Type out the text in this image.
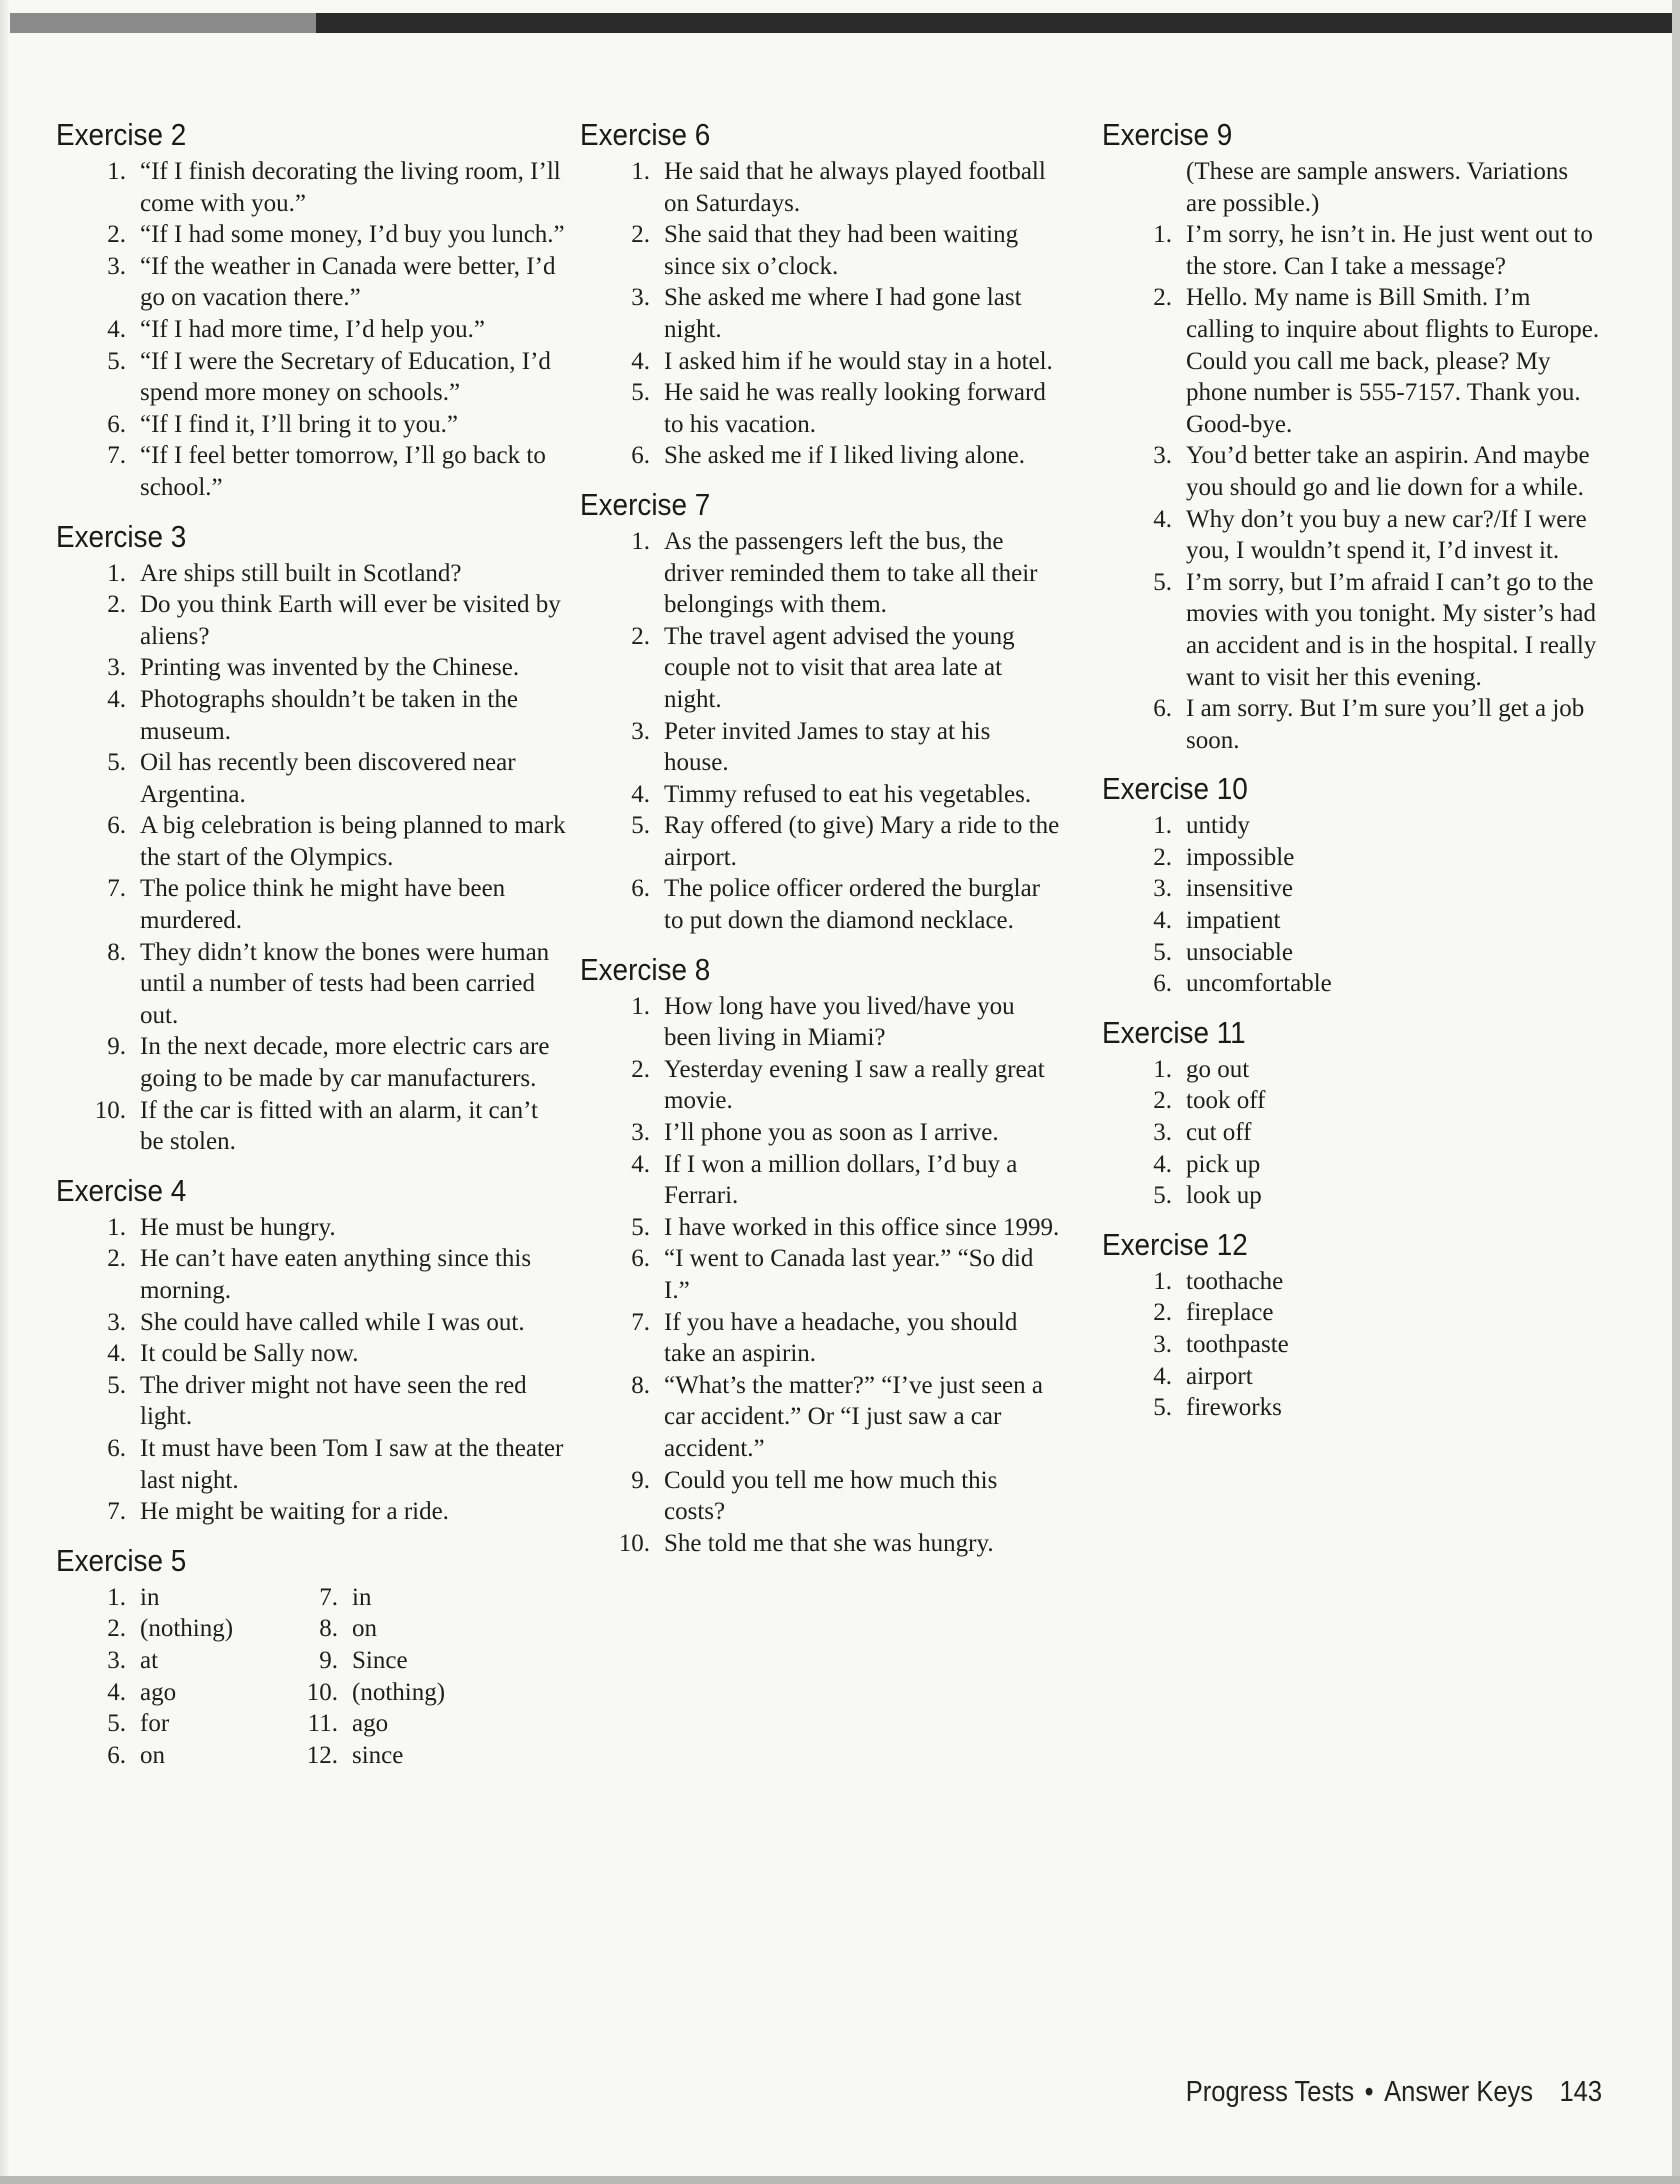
Exercise 2
1. “If I finish decorating the living room, I’ll come with you.”
2. “If I had some money, I’d buy you lunch.”
3. “If the weather in Canada were better, I’d go on vacation there.”
4. “If I had more time, I’d help you.”
5. “If I were the Secretary of Education, I’d spend more money on schools.”
6. “If I find it, I’ll bring it to you.”
7. “If I feel better tomorrow, I’ll go back to school.”
Exercise 3
1. Are ships still built in Scotland?
2. Do you think Earth will ever be visited by aliens?
3. Printing was invented by the Chinese.
4. Photographs shouldn’t be taken in the museum.
5. Oil has recently been discovered near Argentina.
6. A big celebration is being planned to mark the start of the Olympics.
7. The police think he might have been murdered.
8. They didn’t know the bones were human until a number of tests had been carried out.
9. In the next decade, more electric cars are going to be made by car manufacturers.
10. If the car is fitted with an alarm, it can’t be stolen.
Exercise 4
1. He must be hungry.
2. He can’t have eaten anything since this morning.
3. She could have called while I was out.
4. It could be Sally now.
5. The driver might not have seen the red light.
6. It must have been Tom I saw at the theater last night.
7. He might be waiting for a ride.
Exercise 5
1. in
2. (nothing)
3. at
4. ago
5. for
6. on
7. in
8. on
9. Since
10. (nothing)
11. ago
12. since
Exercise 6
1. He said that he always played football on Saturdays.
2. She said that they had been waiting since six o’clock.
3. She asked me where I had gone last night.
4. I asked him if he would stay in a hotel.
5. He said he was really looking forward to his vacation.
6. She asked me if I liked living alone.
Exercise 7
1. As the passengers left the bus, the driver reminded them to take all their belongings with them.
2. The travel agent advised the young couple not to visit that area late at night.
3. Peter invited James to stay at his house.
4. Timmy refused to eat his vegetables.
5. Ray offered (to give) Mary a ride to the airport.
6. The police officer ordered the burglar to put down the diamond necklace.
Exercise 8
1. How long have you lived/have you been living in Miami?
2. Yesterday evening I saw a really great movie.
3. I’ll phone you as soon as I arrive.
4. If I won a million dollars, I’d buy a Ferrari.
5. I have worked in this office since 1999.
6. “I went to Canada last year.” “So did I.”
7. If you have a headache, you should take an aspirin.
8. “What’s the matter?” “I’ve just seen a car accident.” Or “I just saw a car accident.”
9. Could you tell me how much this costs?
10. She told me that she was hungry.
Exercise 9
(These are sample answers. Variations are possible.)
1. I’m sorry, he isn’t in. He just went out to the store. Can I take a message?
2. Hello. My name is Bill Smith. I’m calling to inquire about flights to Europe. Could you call me back, please? My phone number is 555-7157. Thank you. Good-bye.
3. You’d better take an aspirin. And maybe you should go and lie down for a while.
4. Why don’t you buy a new car?/If I were you, I wouldn’t spend it, I’d invest it.
5. I’m sorry, but I’m afraid I can’t go to the movies with you tonight. My sister’s had an accident and is in the hospital. I really want to visit her this evening.
6. I am sorry. But I’m sure you’ll get a job soon.
Exercise 10
1. untidy
2. impossible
3. insensitive
4. impatient
5. unsociable
6. uncomfortable
Exercise 11
1. go out
2. took off
3. cut off
4. pick up
5. look up
Exercise 12
1. toothache
2. fireplace
3. toothpaste
4. airport
5. fireworks
Progress Tests • Answer Keys 143
